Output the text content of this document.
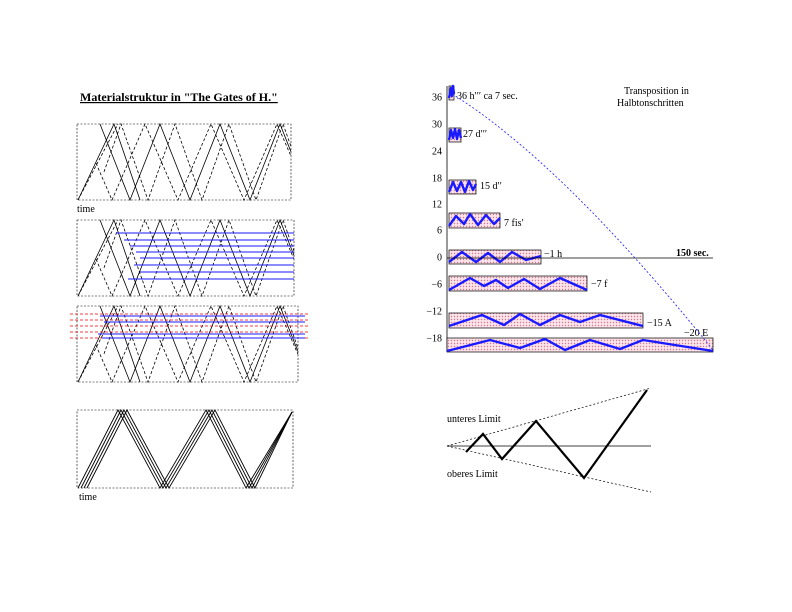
Materialstruktur in "The Gates of H."
time
time
Transposition in
Halbtonschritten
36
30
24
18
12
6
0
−6
−12
−18
36 hʹʹʹ ca 7 sec.
27 dʹʹʹ
15 dʹʹ
7 fisʹ
−1 h
−7 f
−15 A
−20 E
150 sec.
unteres Limit
oberes Limit
